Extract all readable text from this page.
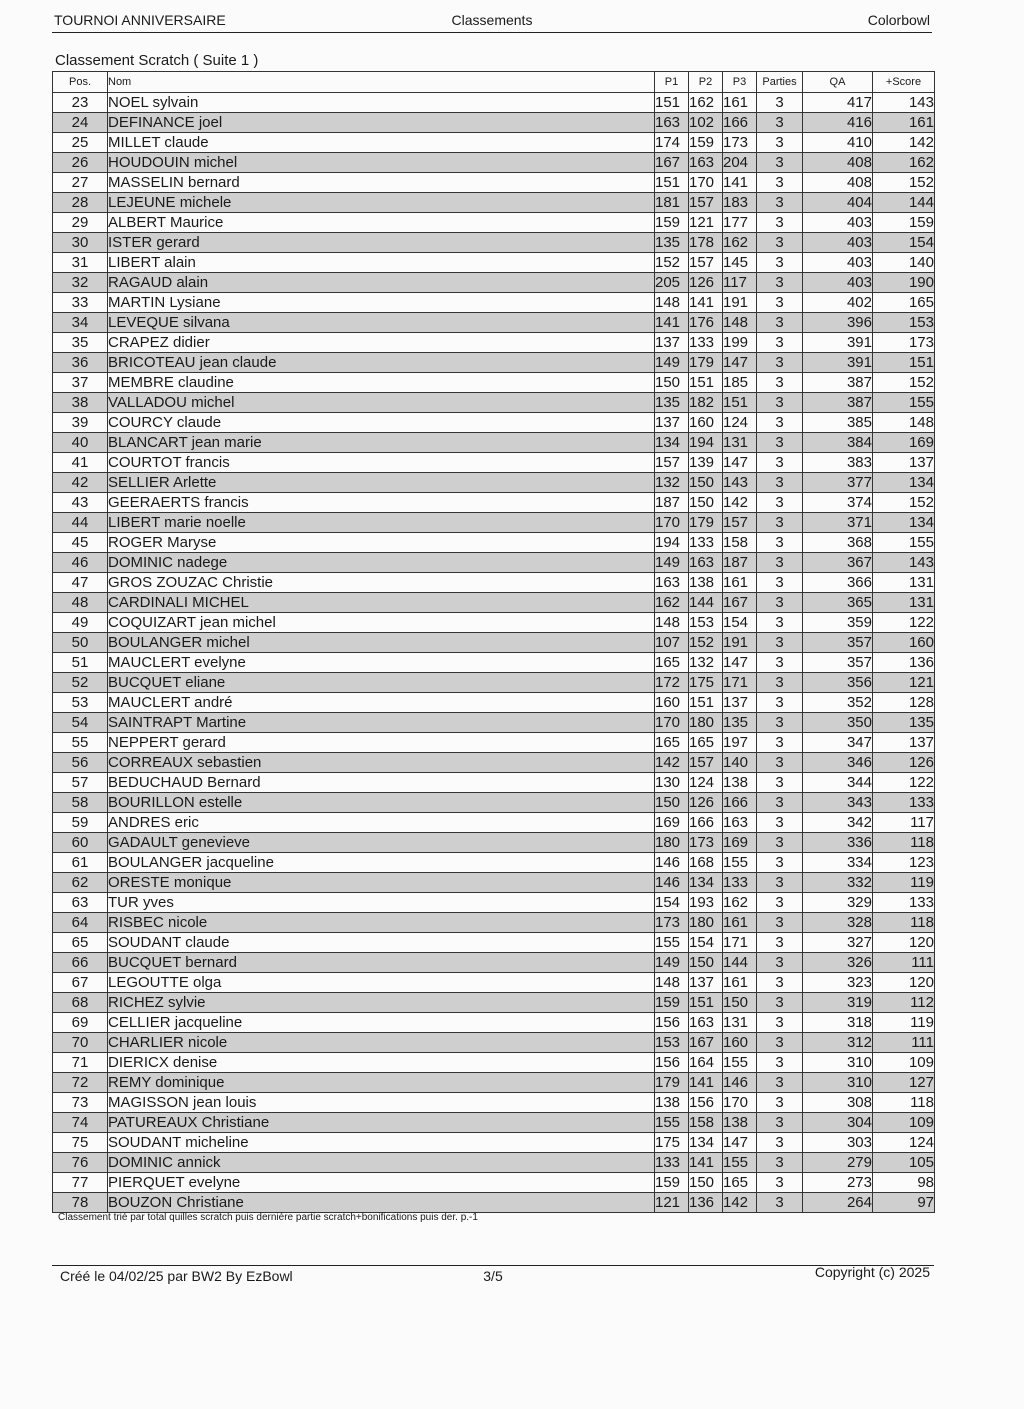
TOURNOI ANNIVERSAIRE	Classements	Colorbowl
Classement Scratch ( Suite 1 )
Pos.	Nom	P1	P2	P3	Parties	QA	+Score
23	NOEL sylvain	151	162	161	3	417	143
24	DEFINANCE joel	163	102	166	3	416	161
25	MILLET claude	174	159	173	3	410	142
26	HOUDOUIN michel	167	163	204	3	408	162
27	MASSELIN bernard	151	170	141	3	408	152
28	LEJEUNE michele	181	157	183	3	404	144
29	ALBERT Maurice	159	121	177	3	403	159
30	ISTER gerard	135	178	162	3	403	154
31	LIBERT alain	152	157	145	3	403	140
32	RAGAUD alain	205	126	117	3	403	190
33	MARTIN Lysiane	148	141	191	3	402	165
34	LEVEQUE silvana	141	176	148	3	396	153
35	CRAPEZ didier	137	133	199	3	391	173
36	BRICOTEAU jean claude	149	179	147	3	391	151
37	MEMBRE claudine	150	151	185	3	387	152
38	VALLADOU michel	135	182	151	3	387	155
39	COURCY claude	137	160	124	3	385	148
40	BLANCART jean marie	134	194	131	3	384	169
41	COURTOT francis	157	139	147	3	383	137
42	SELLIER Arlette	132	150	143	3	377	134
43	GEERAERTS francis	187	150	142	3	374	152
44	LIBERT marie noelle	170	179	157	3	371	134
45	ROGER Maryse	194	133	158	3	368	155
46	DOMINIC nadege	149	163	187	3	367	143
47	GROS ZOUZAC Christie	163	138	161	3	366	131
48	CARDINALI MICHEL	162	144	167	3	365	131
49	COQUIZART jean michel	148	153	154	3	359	122
50	BOULANGER michel	107	152	191	3	357	160
51	MAUCLERT evelyne	165	132	147	3	357	136
52	BUCQUET eliane	172	175	171	3	356	121
53	MAUCLERT andré	160	151	137	3	352	128
54	SAINTRAPT Martine	170	180	135	3	350	135
55	NEPPERT gerard	165	165	197	3	347	137
56	CORREAUX sebastien	142	157	140	3	346	126
57	BEDUCHAUD Bernard	130	124	138	3	344	122
58	BOURILLON estelle	150	126	166	3	343	133
59	ANDRES eric	169	166	163	3	342	117
60	GADAULT genevieve	180	173	169	3	336	118
61	BOULANGER jacqueline	146	168	155	3	334	123
62	ORESTE monique	146	134	133	3	332	119
63	TUR yves	154	193	162	3	329	133
64	RISBEC nicole	173	180	161	3	328	118
65	SOUDANT claude	155	154	171	3	327	120
66	BUCQUET bernard	149	150	144	3	326	111
67	LEGOUTTE olga	148	137	161	3	323	120
68	RICHEZ sylvie	159	151	150	3	319	112
69	CELLIER jacqueline	156	163	131	3	318	119
70	CHARLIER nicole	153	167	160	3	312	111
71	DIERICX denise	156	164	155	3	310	109
72	REMY dominique	179	141	146	3	310	127
73	MAGISSON jean louis	138	156	170	3	308	118
74	PATUREAUX Christiane	155	158	138	3	304	109
75	SOUDANT micheline	175	134	147	3	303	124
76	DOMINIC annick	133	141	155	3	279	105
77	PIERQUET evelyne	159	150	165	3	273	98
78	BOUZON Christiane	121	136	142	3	264	97
Classement trié par total quilles scratch puis dernière partie scratch+bonifications puis der. p.-1
Créé le 04/02/25 par BW2 By EzBowl	3/5	Copyright (c) 2025
